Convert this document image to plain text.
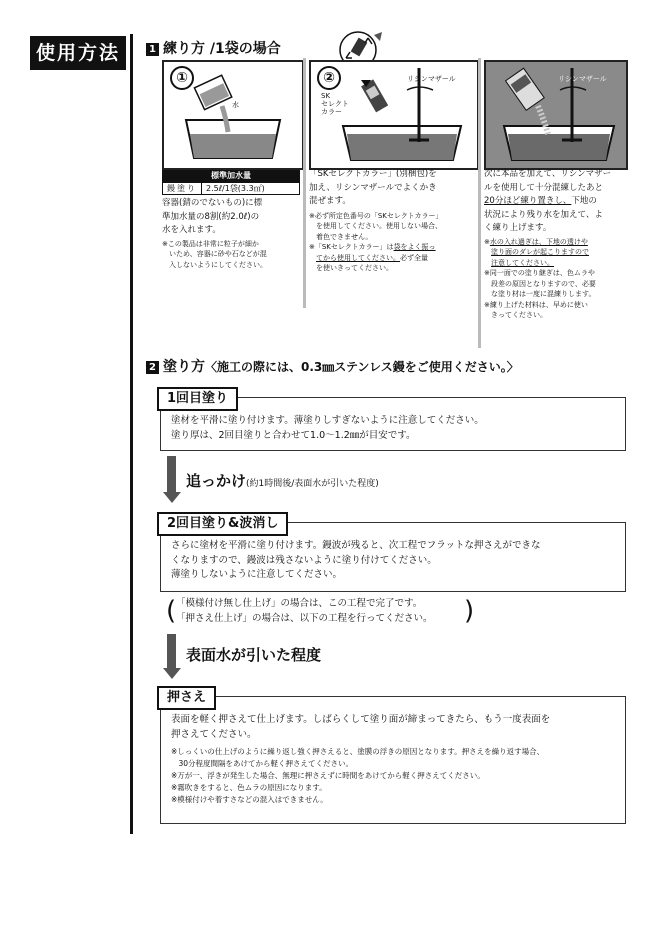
使用方法	1 練り方 /1袋の場合
①
水
標準加水量
鏝塗り	2.5ℓ/1袋(3.3㎡)
容器(錆のでないもの)に標
準加水量の8割(約2.0ℓ)の
水を入れます。
※この製品は非常に粒子が細か
　いため、容器に砂や石などが混
　入しないようにしてください。
②
SK
セレクト
カラー
リシンマザール
「SKセレクトカラー」(別梱包)を
加え、リシンマザールでよくかき
混ぜます。
※必ず所定色番号の「SKセレクトカラー」
　を使用してください。使用しない場合、
　着色できません。
※「SKセレクトカラー」は袋をよく振っ
　てから使用してください。必ず全量
　を使いきってください。
リシンマザール
次に本品を加えて、リシンマザー
ルを使用して十分混練したあと
20分ほど練り置きし、下地の
状況により残り水を加えて、よ
く練り上げます。
※水の入れ過ぎは、下地の透けや
　塗り面のダレが起こりますので
　注意してください。
※同一面での塗り継ぎは、色ムラや
　段差の原因となりますので、必要
　な塗り材は一度に混練りします。
※練り上げた材料は、早めに使い
　きってください。
2 塗り方〈施工の際には、0.3㎜ステンレス鏝をご使用ください。〉
塗材を平滑に塗り付けます。薄塗りしすぎないように注意してください。
塗り厚は、2回目塗りと合わせて1.0〜1.2㎜が目安です。
1回目塗り
追っかけ(約1時間後/表面水が引いた程度)
さらに塗材を平滑に塗り付けます。鏝波が残ると、次工程でフラットな押さえができな
くなりますので、鏝波は残さないように塗り付けてください。
薄塗りしないように注意してください。
2回目塗り&波消し
( 「模様付け無し仕上げ」の場合は、この工程で完了です。
「押さえ仕上げ」の場合は、以下の工程を行ってください。 )
表面水が引いた程度
表面を軽く押さえて仕上げます。しばらくして塗り面が締まってきたら、もう一度表面を
押さえてください。
※しっくいの仕上げのように繰り返し強く押さえると、塗膜の浮きの原因となります。押さえを繰り返す場合、
　30分程度間隔をあけてから軽く押さえてください。
※万が一、浮きが発生した場合、無理に押さえずに時間をあけてから軽く押さえてください。
※霧吹きをすると、色ムラの原因になります。
※模様付けや着すさなどの混入はできません。
押さえ
